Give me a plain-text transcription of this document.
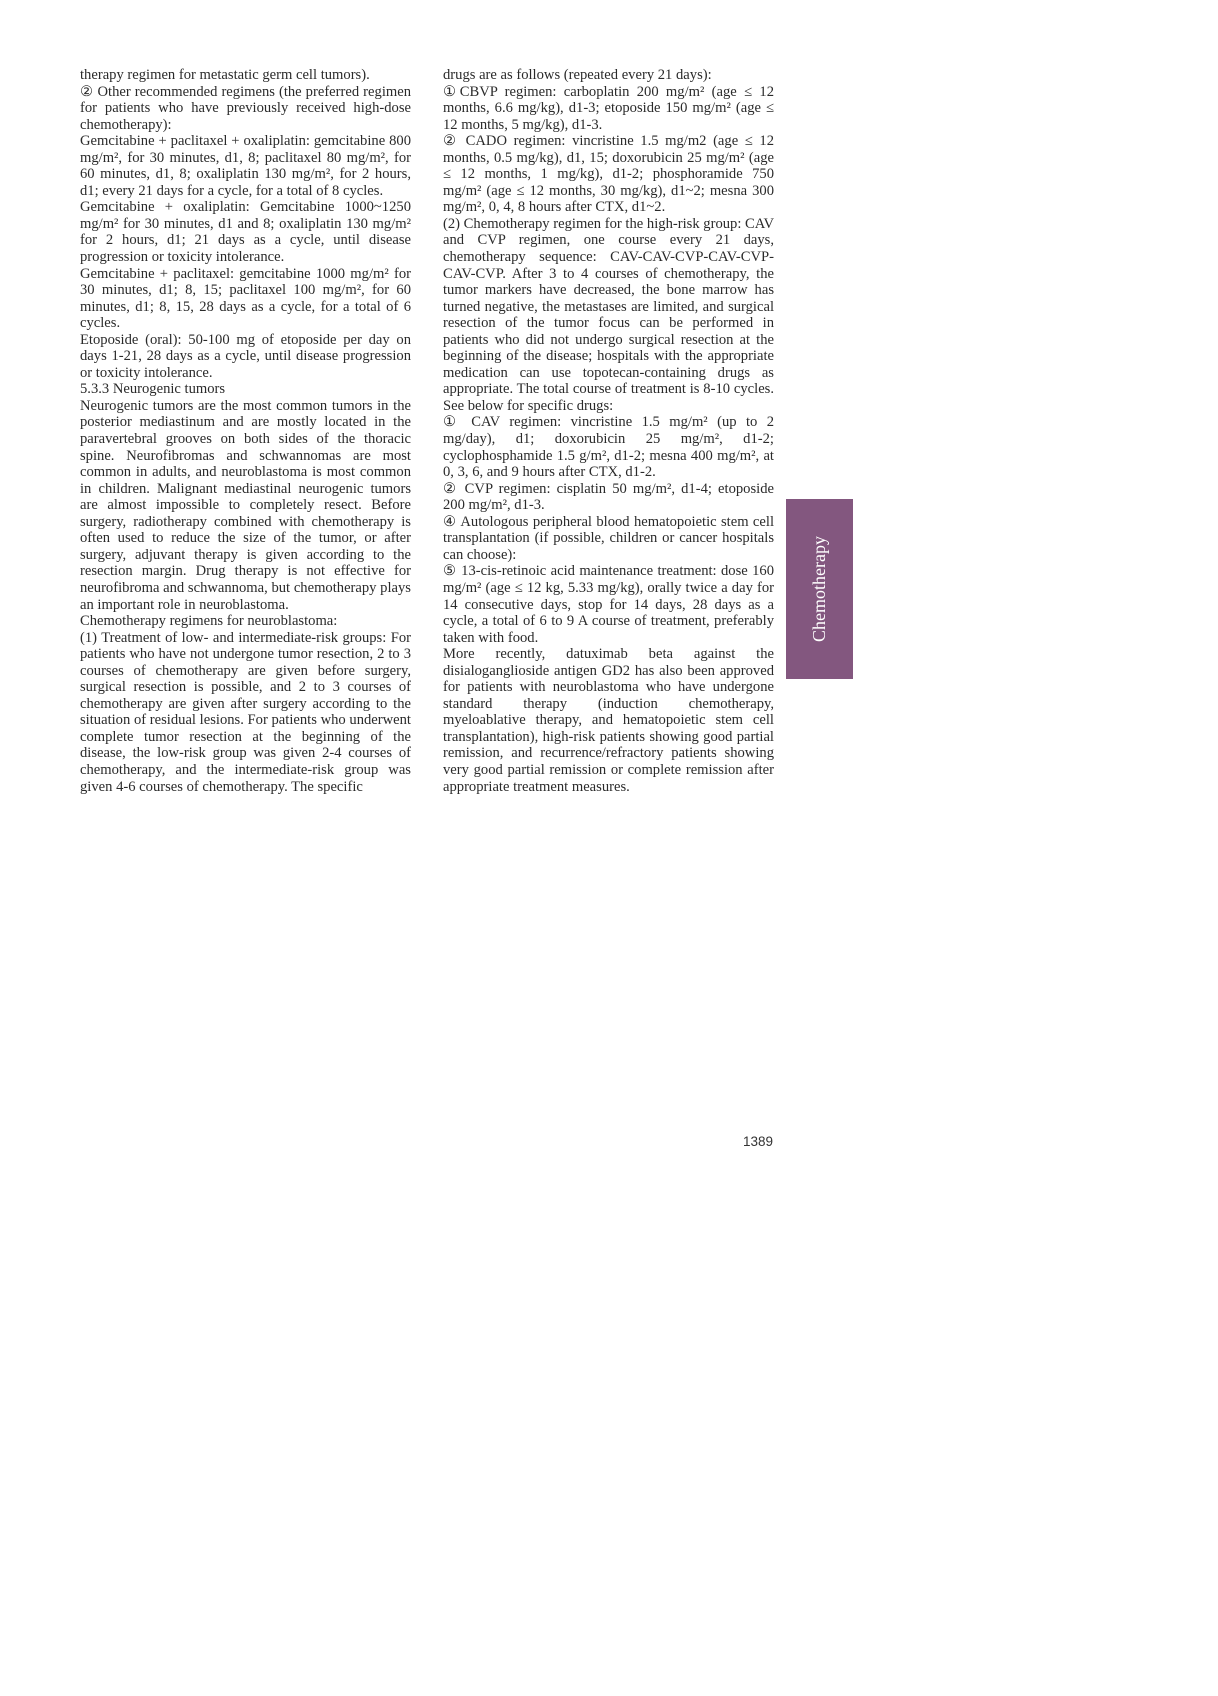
therapy regimen for metastatic germ cell tumors).

② Other recommended regimens (the preferred regimen for patients who have previously received high-dose chemotherapy):

Gemcitabine + paclitaxel + oxaliplatin: gemcitabine 800 mg/m², for 30 minutes, d1, 8; paclitaxel 80 mg/m², for 60 minutes, d1, 8; oxaliplatin 130 mg/m², for 2 hours, d1; every 21 days for a cycle, for a total of 8 cycles.

Gemcitabine + oxaliplatin: Gemcitabine 1000~1250 mg/m² for 30 minutes, d1 and 8; oxaliplatin 130 mg/m² for 2 hours, d1; 21 days as a cycle, until disease progression or toxicity intolerance.

Gemcitabine + paclitaxel: gemcitabine 1000 mg/m² for 30 minutes, d1; 8, 15; paclitaxel 100 mg/m², for 60 minutes, d1; 8, 15, 28 days as a cycle, for a total of 6 cycles.

Etoposide (oral): 50-100 mg of etoposide per day on days 1-21, 28 days as a cycle, until disease progression or toxicity intolerance.

5.3.3 Neurogenic tumors

Neurogenic tumors are the most common tumors in the posterior mediastinum and are mostly located in the paravertebral grooves on both sides of the thoracic spine. Neurofibromas and schwannomas are most common in adults, and neuroblastoma is most common in children. Malignant mediastinal neurogenic tumors are almost impossible to completely resect. Before surgery, radiotherapy combined with chemotherapy is often used to reduce the size of the tumor, or after surgery, adjuvant therapy is given according to the resection margin. Drug therapy is not effective for neurofibroma and schwannoma, but chemotherapy plays an important role in neuroblastoma.

Chemotherapy regimens for neuroblastoma:

(1) Treatment of low- and intermediate-risk groups: For patients who have not undergone tumor resection, 2 to 3 courses of chemotherapy are given before surgery, surgical resection is possible, and 2 to 3 courses of chemotherapy are given after surgery according to the situation of residual lesions. For patients who underwent complete tumor resection at the beginning of the disease, the low-risk group was given 2-4 courses of chemotherapy, and the intermediate-risk group was given 4-6 courses of chemotherapy. The specific

drugs are as follows (repeated every 21 days):

①CBVP regimen: carboplatin 200 mg/m² (age ≤ 12 months, 6.6 mg/kg), d1-3; etoposide 150 mg/m² (age ≤ 12 months, 5 mg/kg), d1-3.

② CADO regimen: vincristine 1.5 mg/m2 (age ≤ 12 months, 0.5 mg/kg), d1, 15; doxorubicin 25 mg/m² (age ≤ 12 months, 1 mg/kg), d1-2; phosphoramide 750 mg/m² (age ≤ 12 months, 30 mg/kg), d1~2; mesna 300 mg/m², 0, 4, 8 hours after CTX, d1~2.

(2) Chemotherapy regimen for the high-risk group: CAV and CVP regimen, one course every 21 days, chemotherapy sequence: CAV-CAV-CVP-CAV-CVP-CAV-CVP. After 3 to 4 courses of chemotherapy, the tumor markers have decreased, the bone marrow has turned negative, the metastases are limited, and surgical resection of the tumor focus can be performed in patients who did not undergo surgical resection at the beginning of the disease; hospitals with the appropriate medication can use topotecan-containing drugs as appropriate. The total course of treatment is 8-10 cycles. See below for specific drugs:

① CAV regimen: vincristine 1.5 mg/m² (up to 2 mg/day), d1; doxorubicin 25 mg/m², d1-2; cyclophosphamide 1.5 g/m², d1-2; mesna 400 mg/m², at 0, 3, 6, and 9 hours after CTX, d1-2.

② CVP regimen: cisplatin 50 mg/m², d1-4; etoposide 200 mg/m², d1-3.

④ Autologous peripheral blood hematopoietic stem cell transplantation (if possible, children or cancer hospitals can choose):

⑤ 13-cis-retinoic acid maintenance treatment: dose 160 mg/m² (age ≤ 12 kg, 5.33 mg/kg), orally twice a day for 14 consecutive days, stop for 14 days, 28 days as a cycle, a total of 6 to 9 A course of treatment, preferably taken with food.

More recently, datuximab beta against the disialoganglioside antigen GD2 has also been approved for patients with neuroblastoma who have undergone standard therapy (induction chemotherapy, myeloablative therapy, and hematopoietic stem cell transplantation), high-risk patients showing good partial remission, and recurrence/refractory patients showing very good partial remission or complete remission after appropriate treatment measures.

Chemotherapy
1389
